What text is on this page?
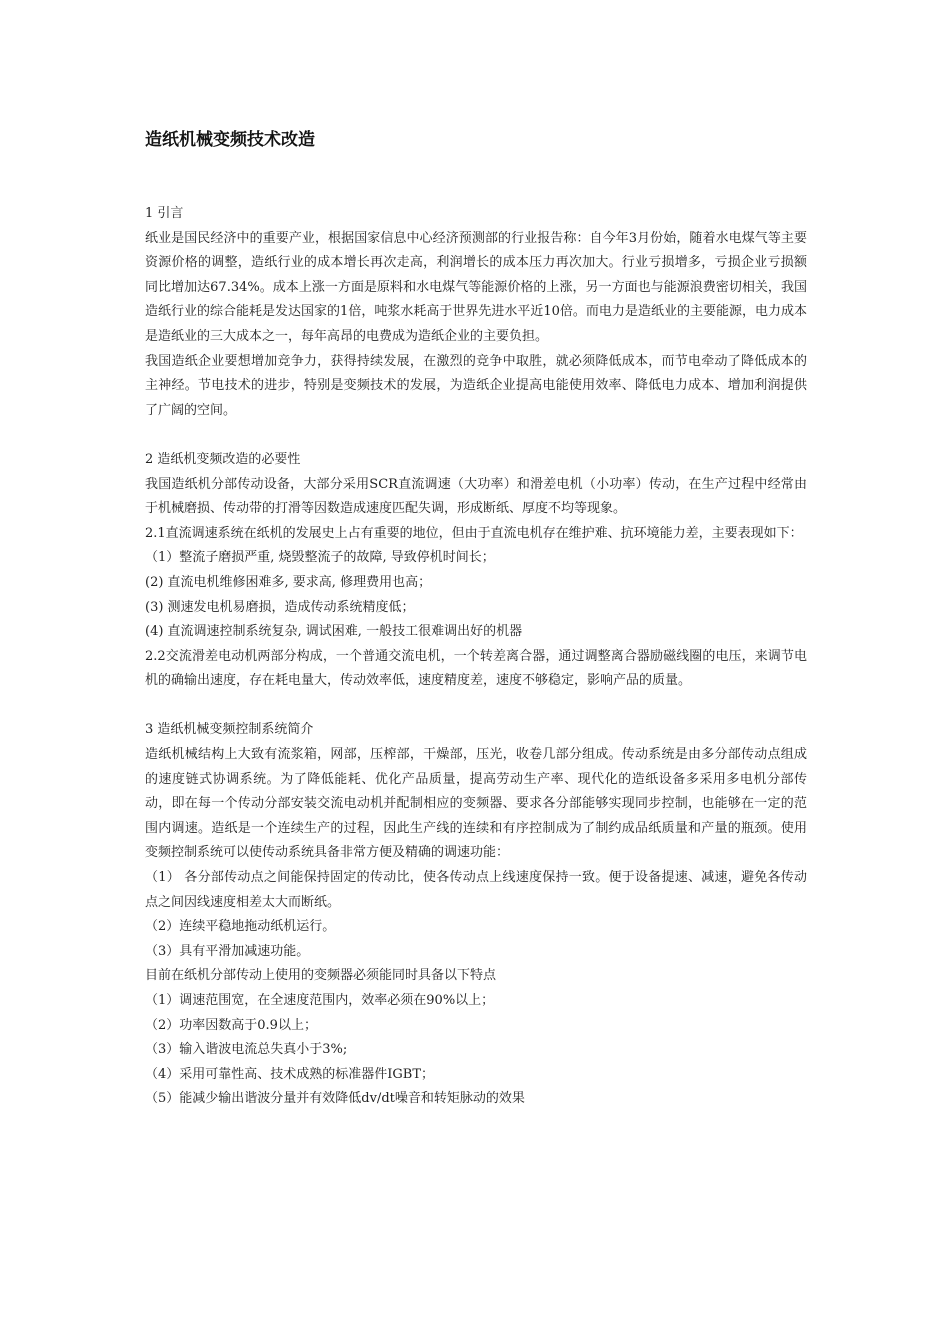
造纸机械变频技术改造

1 引言

纸业是国民经济中的重要产业，根据国家信息中心经济预测部的行业报告称：自今年3月份始，随着水电煤气等主要资源价格的调整，造纸行业的成本增长再次走高，利润增长的成本压力再次加大。行业亏损增多，亏损企业亏损额同比增加达67.34%。成本上涨一方面是原料和水电煤气等能源价格的上涨，另一方面也与能源浪费密切相关，我国造纸行业的综合能耗是发达国家的1倍，吨浆水耗高于世界先进水平近10倍。而电力是造纸业的主要能源，电力成本是造纸业的三大成本之一，每年高昂的电费成为造纸企业的主要负担。

我国造纸企业要想增加竞争力，获得持续发展，在激烈的竞争中取胜，就必须降低成本，而节电牵动了降低成本的主神经。节电技术的进步，特别是变频技术的发展，为造纸企业提高电能使用效率、降低电力成本、增加利润提供了广阔的空间。

2 造纸机变频改造的必要性

我国造纸机分部传动设备，大部分采用SCR直流调速（大功率）和滑差电机（小功率）传动，在生产过程中经常由于机械磨损、传动带的打滑等因数造成速度匹配失调，形成断纸、厚度不均等现象。

2.1直流调速系统在纸机的发展史上占有重要的地位，但由于直流电机存在维护难、抗环境能力差，主要表现如下：

（1）整流子磨损严重, 烧毁整流子的故障, 导致停机时间长；

(2) 直流电机维修困难多, 要求高, 修理费用也高；

(3) 测速发电机易磨损，造成传动系统精度低；

(4) 直流调速控制系统复杂, 调试困难, 一般技工很难调出好的机器

2.2交流滑差电动机两部分构成，一个普通交流电机，一个转差离合器，通过调整离合器励磁线圈的电压，来调节电机的确输出速度，存在耗电量大，传动效率低，速度精度差，速度不够稳定，影响产品的质量。

3 造纸机械变频控制系统简介

造纸机械结构上大致有流浆箱，网部，压榨部，干燥部，压光，收卷几部分组成。传动系统是由多分部传动点组成的速度链式协调系统。为了降低能耗、优化产品质量，提高劳动生产率、现代化的造纸设备多采用多电机分部传动，即在每一个传动分部安装交流电动机并配制相应的变频器、要求各分部能够实现同步控制，也能够在一定的范围内调速。造纸是一个连续生产的过程，因此生产线的连续和有序控制成为了制约成品纸质量和产量的瓶颈。使用变频控制系统可以使传动系统具备非常方便及精确的调速功能：

（1） 各分部传动点之间能保持固定的传动比，使各传动点上线速度保持一致。便于设备提速、减速，避免各传动点之间因线速度相差太大而断纸。

（2）连续平稳地拖动纸机运行。

（3）具有平滑加减速功能。

目前在纸机分部传动上使用的变频器必须能同时具备以下特点

（1）调速范围宽，在全速度范围内，效率必须在90%以上；

（2）功率因数高于0.9以上；

（3）输入谐波电流总失真小于3%;

（4）采用可靠性高、技术成熟的标准器件IGBT；

（5）能减少输出谐波分量并有效降低dv/dt噪音和转矩脉动的效果
